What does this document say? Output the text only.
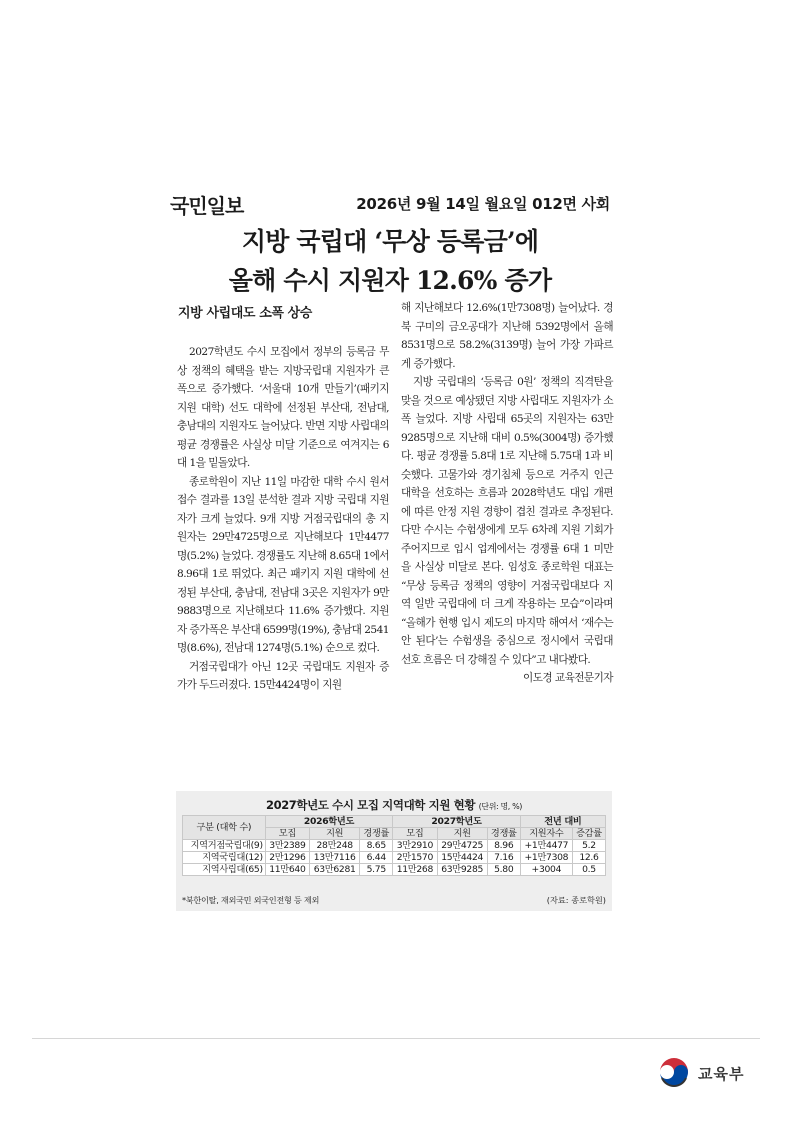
국민일보	2026년 9월 14일 월요일 012면 사회
지방 국립대 ‘무상 등록금’에
올해 수시 지원자 12.6% 증가
지방 사립대도 소폭 상승

2027학년도 수시 모집에서 정부의 등록금 무상 정책의 혜택을 받는 지방국립대 지원자가 큰 폭으로 증가했다. ‘서울대 10개 만들기’(패키지 지원 대학) 선도 대학에 선정된 부산대, 전남대, 충남대의 지원자도 늘어났다. 반면 지방 사립대의 평균 경쟁률은 사실상 미달 기준으로 여겨지는 6대 1을 밑돌았다.

종로학원이 지난 11일 마감한 대학 수시 원서접수 결과를 13일 분석한 결과 지방 국립대 지원자가 크게 늘었다. 9개 지방 거점국립대의 총 지원자는 29만4725명으로 지난해보다 1만4477명(5.2%) 늘었다. 경쟁률도 지난해 8.65대 1에서 8.96대 1로 뛰었다. 최근 패키지 지원 대학에 선정된 부산대, 충남대, 전남대 3곳은 지원자가 9만9883명으로 지난해보다 11.6% 증가했다. 지원자 증가폭은 부산대 6599명(19%), 충남대 2541명(8.6%), 전남대 1274명(5.1%) 순으로 컸다.

거점국립대가 아닌 12곳 국립대도 지원자 증가가 두드러졌다. 15만4424명이 지원

해 지난해보다 12.6%(1만7308명) 늘어났다. 경북 구미의 금오공대가 지난해 5392명에서 올해 8531명으로 58.2%(3139명) 늘어 가장 가파르게 증가했다.

지방 국립대의 ‘등록금 0원’ 정책의 직격탄을 맞을 것으로 예상됐던 지방 사립대도 지원자가 소폭 늘었다. 지방 사립대 65곳의 지원자는 63만9285명으로 지난해 대비 0.5%(3004명) 증가했다. 평균 경쟁률 5.8대 1로 지난해 5.75대 1과 비슷했다. 고물가와 경기침체 등으로 거주지 인근 대학을 선호하는 흐름과 2028학년도 대입 개편에 따른 안정 지원 경향이 겹친 결과로 추정된다. 다만 수시는 수험생에게 모두 6차례 지원 기회가 주어지므로 입시 업계에서는 경쟁률 6대 1 미만을 사실상 미달로 본다. 임성호 종로학원 대표는 “무상 등록금 정책의 영향이 거점국립대보다 지역 일반 국립대에 더 크게 작용하는 모습”이라며 “올해가 현행 입시 제도의 마지막 해여서 ‘재수는 안 된다’는 수험생을 중심으로 정시에서 국립대 선호 흐름은 더 강해질 수 있다”고 내다봤다.

이도경 교육전문기자
2027학년도 수시 모집 지역대학 지원 현황 (단위: 명, %)
구분 (대학 수)	2026학년도			2027학년도			전년 대비	
	모집	지원	경쟁률	모집	지원	경쟁률	지원자수	증감률
지역거점국립대(9)	3만2389	28만248	8.65	3만2910	29만4725	8.96	+1만4477	5.2
지역국립대(12)	2만1296	13만7116	6.44	2만1570	15만4424	7.16	+1만7308	12.6
지역사립대(65)	11만640	63만6281	5.75	11만268	63만9285	5.80	+3004	0.5
*북한이탈, 재외국민 외국인전형 등 제외	(자료: 종로학원)
교육부
